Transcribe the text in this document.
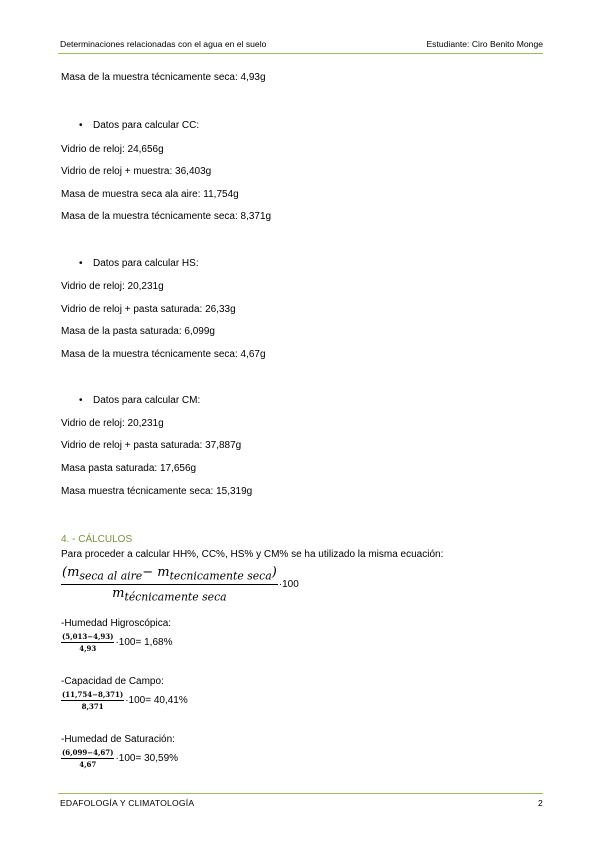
Determinaciones relacionadas con el agua en el suelo	Estudiante: Ciro Benito Monge
Masa de la muestra técnicamente seca: 4,93g
• Datos para calcular CC:
Vidrio de reloj: 24,656g
Vidrio de reloj + muestra: 36,403g
Masa de muestra seca ala aire: 11,754g
Masa de la muestra técnicamente seca: 8,371g
• Datos para calcular HS:
Vidrio de reloj: 20,231g
Vidrio de reloj + pasta saturada: 26,33g
Masa de la pasta saturada: 6,099g
Masa de la muestra técnicamente seca: 4,67g
• Datos para calcular CM:
Vidrio de reloj: 20,231g
Vidrio de reloj + pasta saturada: 37,887g
Masa pasta saturada: 17,656g
Masa muestra técnicamente seca: 15,319g
4. - CÁLCULOS
Para proceder a calcular HH%, CC%, HS% y CM% se ha utilizado la misma ecuación:
$\frac{(m_{seca al aire}- m_{tecnicamente seca})}{m_{técnicamente seca}} \cdot 100$
-Humedad Higroscópica:
$\frac{(5,013-4,93)}{4,93} \cdot 100= 1,68\%$
-Capacidad de Campo:
$\frac{(11,754-8,371)}{8,371} \cdot 100= 40,41\%$
-Humedad de Saturación:
$\frac{(6,099-4,67)}{4,67} \cdot 100= 30,59\%$
EDAFOLOGÍA Y CLIMATOLOGÍA	2
